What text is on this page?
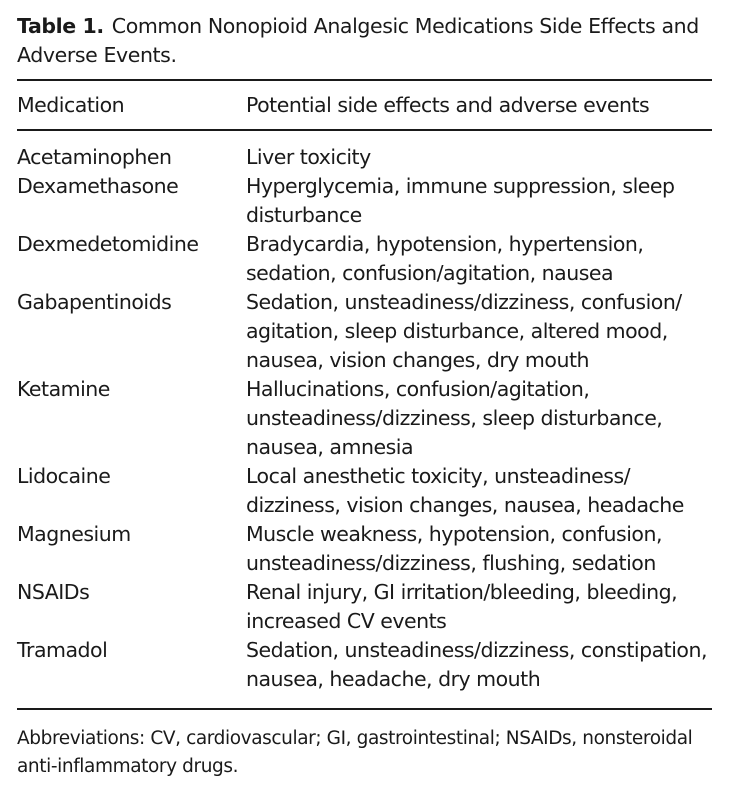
Table 1. Common Nonopioid Analgesic Medications Side Effects and Adverse Events.

Medication	Potential side effects and adverse events

Acetaminophen	Liver toxicity
Dexamethasone	Hyperglycemia, immune suppression, sleep disturbance
Dexmedetomidine	Bradycardia, hypotension, hypertension, sedation, confusion/agitation, nausea
Gabapentinoids	Sedation, unsteadiness/dizziness, confusion/ agitation, sleep disturbance, altered mood, nausea, vision changes, dry mouth
Ketamine	Hallucinations, confusion/agitation, unsteadiness/dizziness, sleep disturbance, nausea, amnesia
Lidocaine	Local anesthetic toxicity, unsteadiness/ dizziness, vision changes, nausea, headache
Magnesium	Muscle weakness, hypotension, confusion, unsteadiness/dizziness, flushing, sedation
NSAIDs	Renal injury, GI irritation/bleeding, bleeding, increased CV events
Tramadol	Sedation, unsteadiness/dizziness, constipation, nausea, headache, dry mouth

Abbreviations: CV, cardiovascular; GI, gastrointestinal; NSAIDs, nonsteroidal anti-inflammatory drugs.
